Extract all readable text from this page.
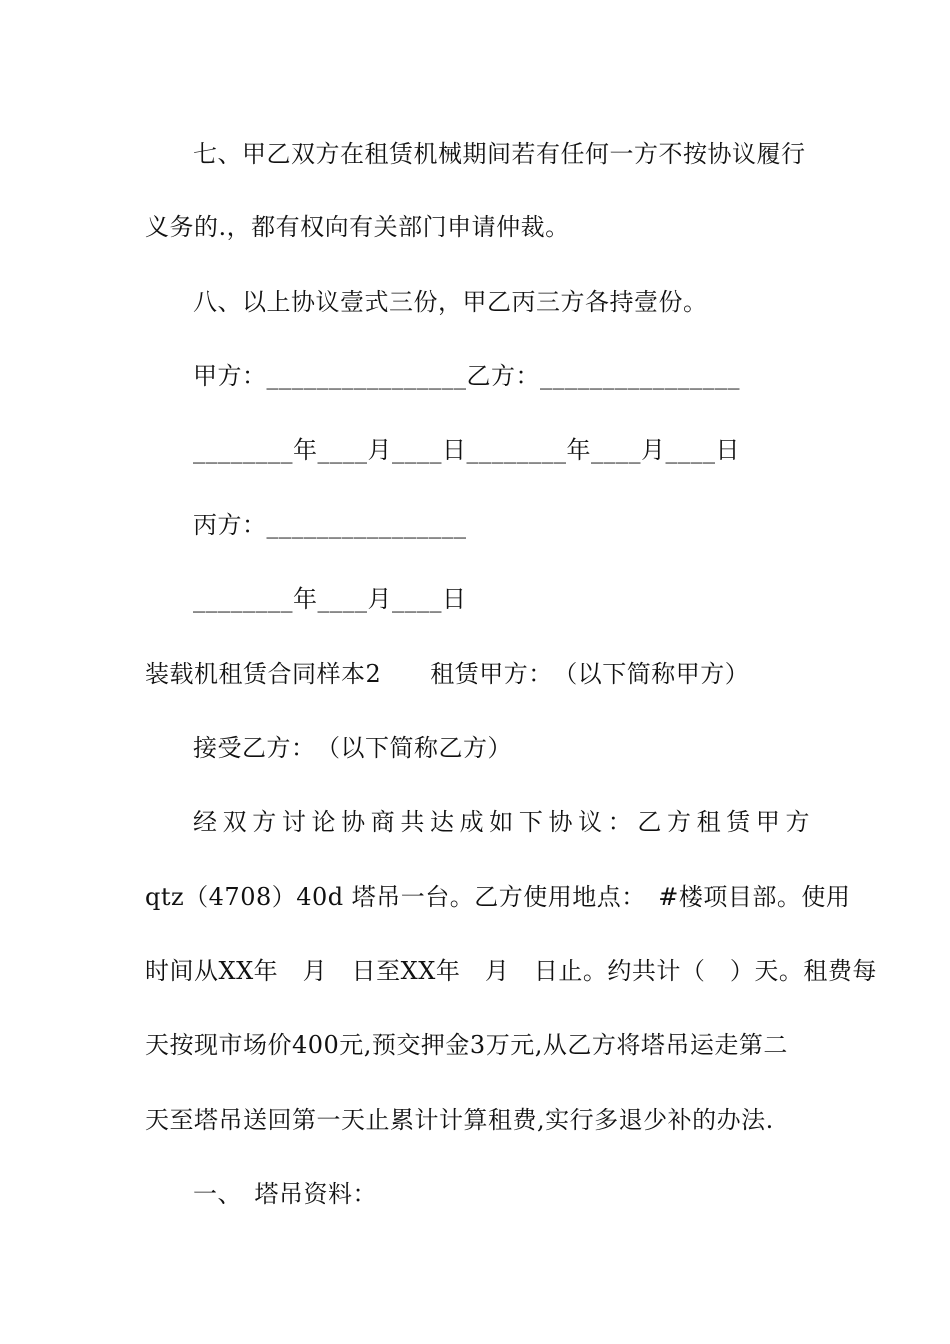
七、甲乙双方在租赁机械期间若有任何一方不按协议履行
义务的.，都有权向有关部门申请仲裁。
八、以上协议壹式三份，甲乙丙三方各持壹份。
甲方：________________乙方：________________
________年____月____日________年____月____日
丙方：________________
________年____月____日
装载机租赁合同样本2　　租赁甲方：　（以下简称甲方）
接受乙方：　（以下简称乙方）
经双方讨论协商共达成如下协议：乙方租赁甲方
qtz（4708）40d 塔吊一台。乙方使用地点：　#楼项目部。使用
时间从XX年　月　日至XX年　月　日止。约共计（　）天。租费每
天按现市场价400元,预交押金3万元,从乙方将塔吊运走第二
天至塔吊送回第一天止累计计算租费,实行多退少补的办法.
一、　塔吊资料：
